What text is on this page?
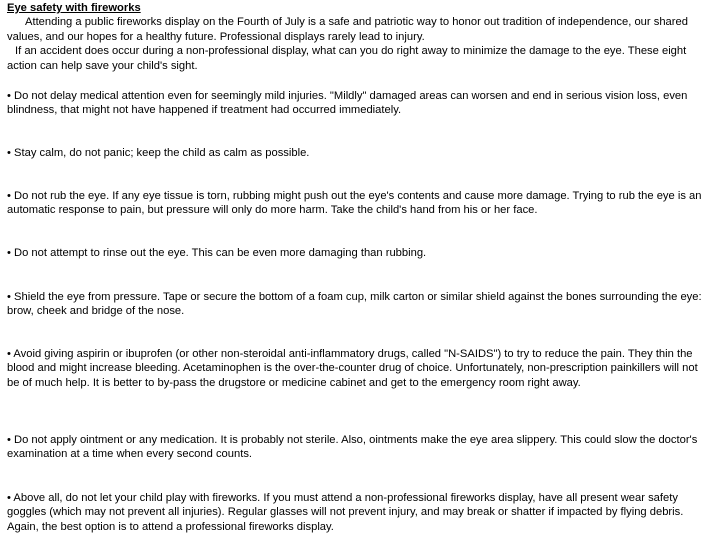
Eye safety with fireworks

Attending a public fireworks display on the Fourth of July is a safe and patriotic way to honor out tradition of independence, our shared values, and our hopes for a healthy future. Professional displays rarely lead to injury.

If an accident does occur during a non-professional display, what can you do right away to minimize the damage to the eye. These eight action can help save your child's sight.

• Do not delay medical attention even for seemingly mild injuries. "Mildly" damaged areas can worsen and end in serious vision loss, even blindness, that might not have happened if treatment had occurred immediately.

• Stay calm, do not panic; keep the child as calm as possible.

• Do not rub the eye. If any eye tissue is torn, rubbing might push out the eye's contents and cause more damage. Trying to rub the eye is an automatic response to pain, but pressure will only do more harm. Take the child's hand from his or her face.

• Do not attempt to rinse out the eye. This can be even more damaging than rubbing.

• Shield the eye from pressure. Tape or secure the bottom of a foam cup, milk carton or similar shield against the bones surrounding the eye: brow, cheek and bridge of the nose.

• Avoid giving aspirin or ibuprofen (or other non-steroidal anti-inflammatory drugs, called "N-SAIDS") to try to reduce the pain. They thin the blood and might increase bleeding. Acetaminophen is the over-the-counter drug of choice. Unfortunately, non-prescription painkillers will not be of much help. It is better to by-pass the drugstore or medicine cabinet and get to the emergency room right away.

• Do not apply ointment or any medication. It is probably not sterile. Also, ointments make the eye area slippery. This could slow the doctor's examination at a time when every second counts.

• Above all, do not let your child play with fireworks. If you must attend a non-professional fireworks display, have all present wear safety goggles (which may not prevent all injuries). Regular glasses will not prevent injury, and may break or shatter if impacted by flying debris. Again, the best option is to attend a professional fireworks display.
